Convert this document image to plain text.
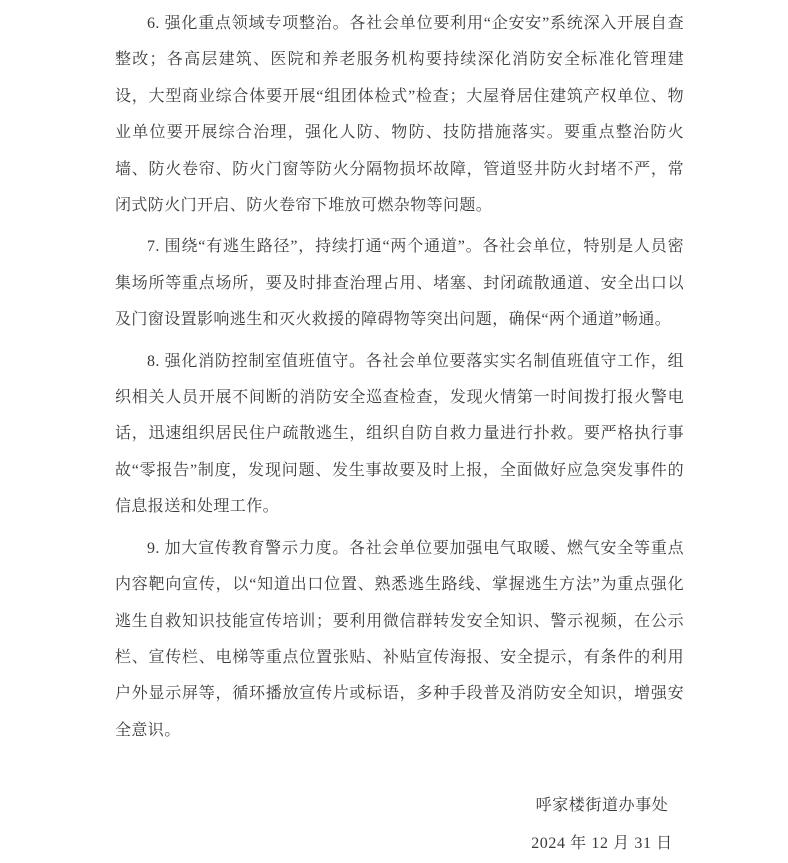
6. 强化重点领域专项整治。各社会单位要利用“企安安”系统深入开展自查整改；各高层建筑、医院和养老服务机构要持续深化消防安全标准化管理建设，大型商业综合体要开展“组团体检式”检查；大屋脊居住建筑产权单位、物业单位要开展综合治理，强化人防、物防、技防措施落实。要重点整治防火墙、防火卷帘、防火门窗等防火分隔物损坏故障，管道竖井防火封堵不严，常闭式防火门开启、防火卷帘下堆放可燃杂物等问题。

7. 围绕“有逃生路径”，持续打通“两个通道”。各社会单位，特别是人员密集场所等重点场所，要及时排查治理占用、堵塞、封闭疏散通道、安全出口以及门窗设置影响逃生和灭火救援的障碍物等突出问题，确保“两个通道”畅通。

8. 强化消防控制室值班值守。各社会单位要落实实名制值班值守工作，组织相关人员开展不间断的消防安全巡查检查，发现火情第一时间拨打报火警电话，迅速组织居民住户疏散逃生，组织自防自救力量进行扑救。要严格执行事故“零报告”制度，发现问题、发生事故要及时上报，全面做好应急突发事件的信息报送和处理工作。

9. 加大宣传教育警示力度。各社会单位要加强电气取暖、燃气安全等重点内容靶向宣传，以“知道出口位置、熟悉逃生路线、掌握逃生方法”为重点强化逃生自救知识技能宣传培训；要利用微信群转发安全知识、警示视频，在公示栏、宣传栏、电梯等重点位置张贴、补贴宣传海报、安全提示，有条件的利用户外显示屏等，循环播放宣传片或标语，多种手段普及消防安全知识，增强安全意识。

呼家楼街道办事处
2024 年 12 月 31 日
